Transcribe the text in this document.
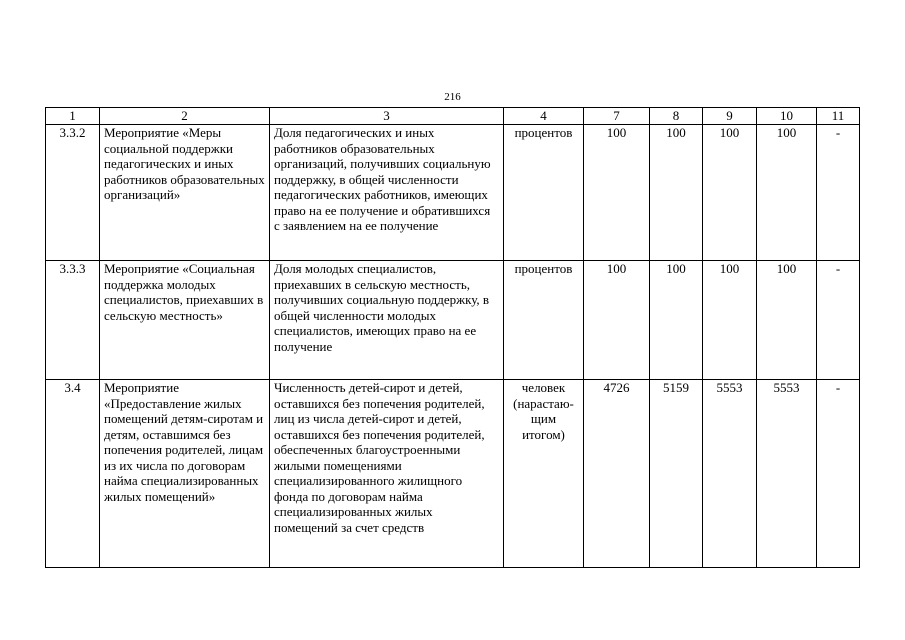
216
1	2	3	4	7	8	9	10	11
3.3.2	Мероприятие «Меры социальной поддержки педагогических и иных работников образовательных организаций»	Доля педагогических и иных работников образовательных организаций, получивших социальную поддержку, в общей численности педагогических работников, имеющих право на ее получение и обратившихся с заявлением на ее получение	процентов	100	100	100	100	-
3.3.3	Мероприятие «Социальная поддержка молодых специалистов, приехавших в сельскую местность»	Доля молодых специалистов, приехавших в сельскую местность, получивших социальную поддержку, в общей численности молодых специалистов, имеющих право на ее получение	процентов	100	100	100	100	-
3.4	Мероприятие «Предоставление жилых помещений детям-сиротам и детям, оставшимся без попечения родителей, лицам из их числа по договорам найма специализированных жилых помещений»	Численность детей-сирот и детей, оставшихся без попечения родителей, лиц из числа детей-сирот и детей, оставшихся без попечения родителей, обеспеченных благоустроенными жилыми помещениями специализированного жилищного фонда по договорам найма специализированных жилых помещений за счет средств	человек (нарастаю-щим итогом)	4726	5159	5553	5553	-
